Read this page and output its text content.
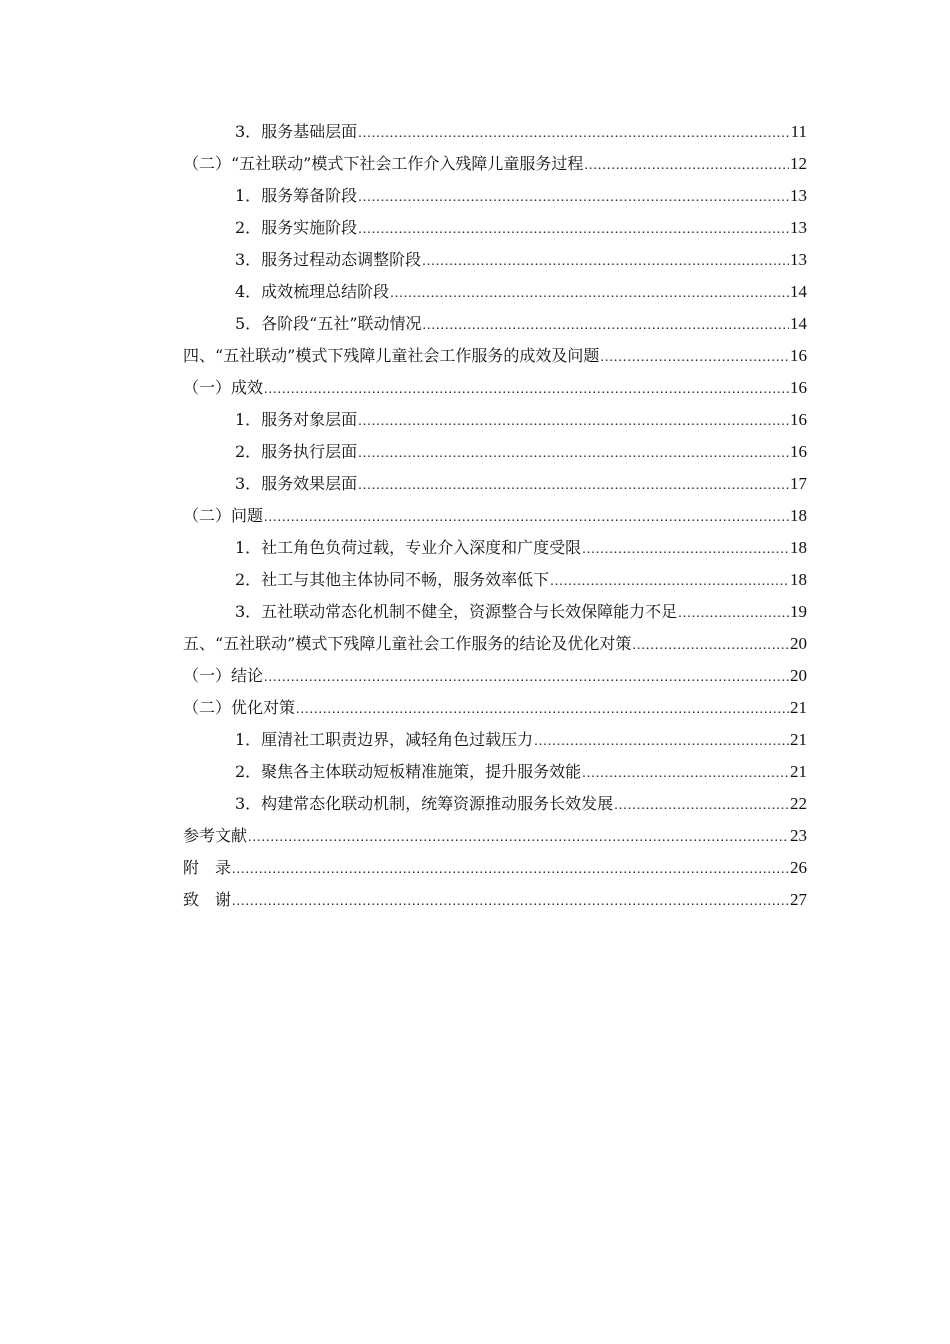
3．服务基础层面 .....	11
（二）“五社联动”模式下社会工作介入残障儿童服务过程 .....	12
1．服务筹备阶段 .....	13
2．服务实施阶段 .....	13
3．服务过程动态调整阶段 .....	13
4．成效梳理总结阶段 .....	14
5．各阶段“五社”联动情况 .....	14
四、“五社联动”模式下残障儿童社会工作服务的成效及问题 .....	16
（一）成效 .....	16
1．服务对象层面 .....	16
2．服务执行层面 .....	16
3．服务效果层面 .....	17
（二）问题 .....	18
1．社工角色负荷过载，专业介入深度和广度受限 .....	18
2．社工与其他主体协同不畅，服务效率低下 .....	18
3．五社联动常态化机制不健全，资源整合与长效保障能力不足 .....	19
五、“五社联动”模式下残障儿童社会工作服务的结论及优化对策 .....	20
（一）结论 .....	20
（二）优化对策 .....	21
1．厘清社工职责边界，减轻角色过载压力 .....	21
2．聚焦各主体联动短板精准施策，提升服务效能 .....	21
3．构建常态化联动机制，统筹资源推动服务长效发展 .....	22
参考文献 .....	23
附　录 .....	26
致　谢 .....	27
